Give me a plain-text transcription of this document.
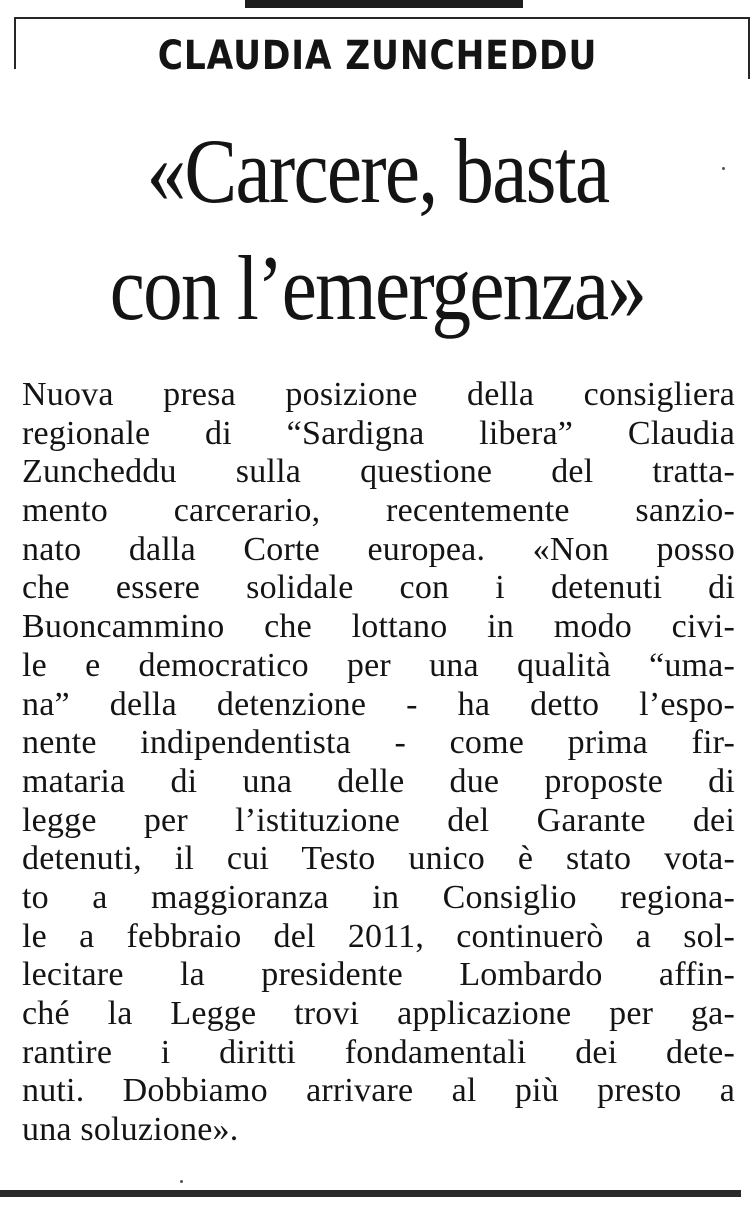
CLAUDIA ZUNCHEDDU
«Carcere, basta
con l’emergenza»
Nuova presa posizione della consigliera
regionale di “Sardigna libera” Claudia
Zuncheddu sulla questione del tratta-
mento carcerario, recentemente sanzio-
nato dalla Corte europea. «Non posso
che essere solidale con i detenuti di
Buoncammino che lottano in modo civi-
le e democratico per una qualità “uma-
na” della detenzione - ha detto l’espo-
nente indipendentista - come prima fir-
mataria di una delle due proposte di
legge per l’istituzione del Garante dei
detenuti, il cui Testo unico è stato vota-
to a maggioranza in Consiglio regiona-
le a febbraio del 2011, continuerò a sol-
lecitare la presidente Lombardo affin-
ché la Legge trovi applicazione per ga-
rantire i diritti fondamentali dei dete-
nuti. Dobbiamo arrivare al più presto a
una soluzione».
